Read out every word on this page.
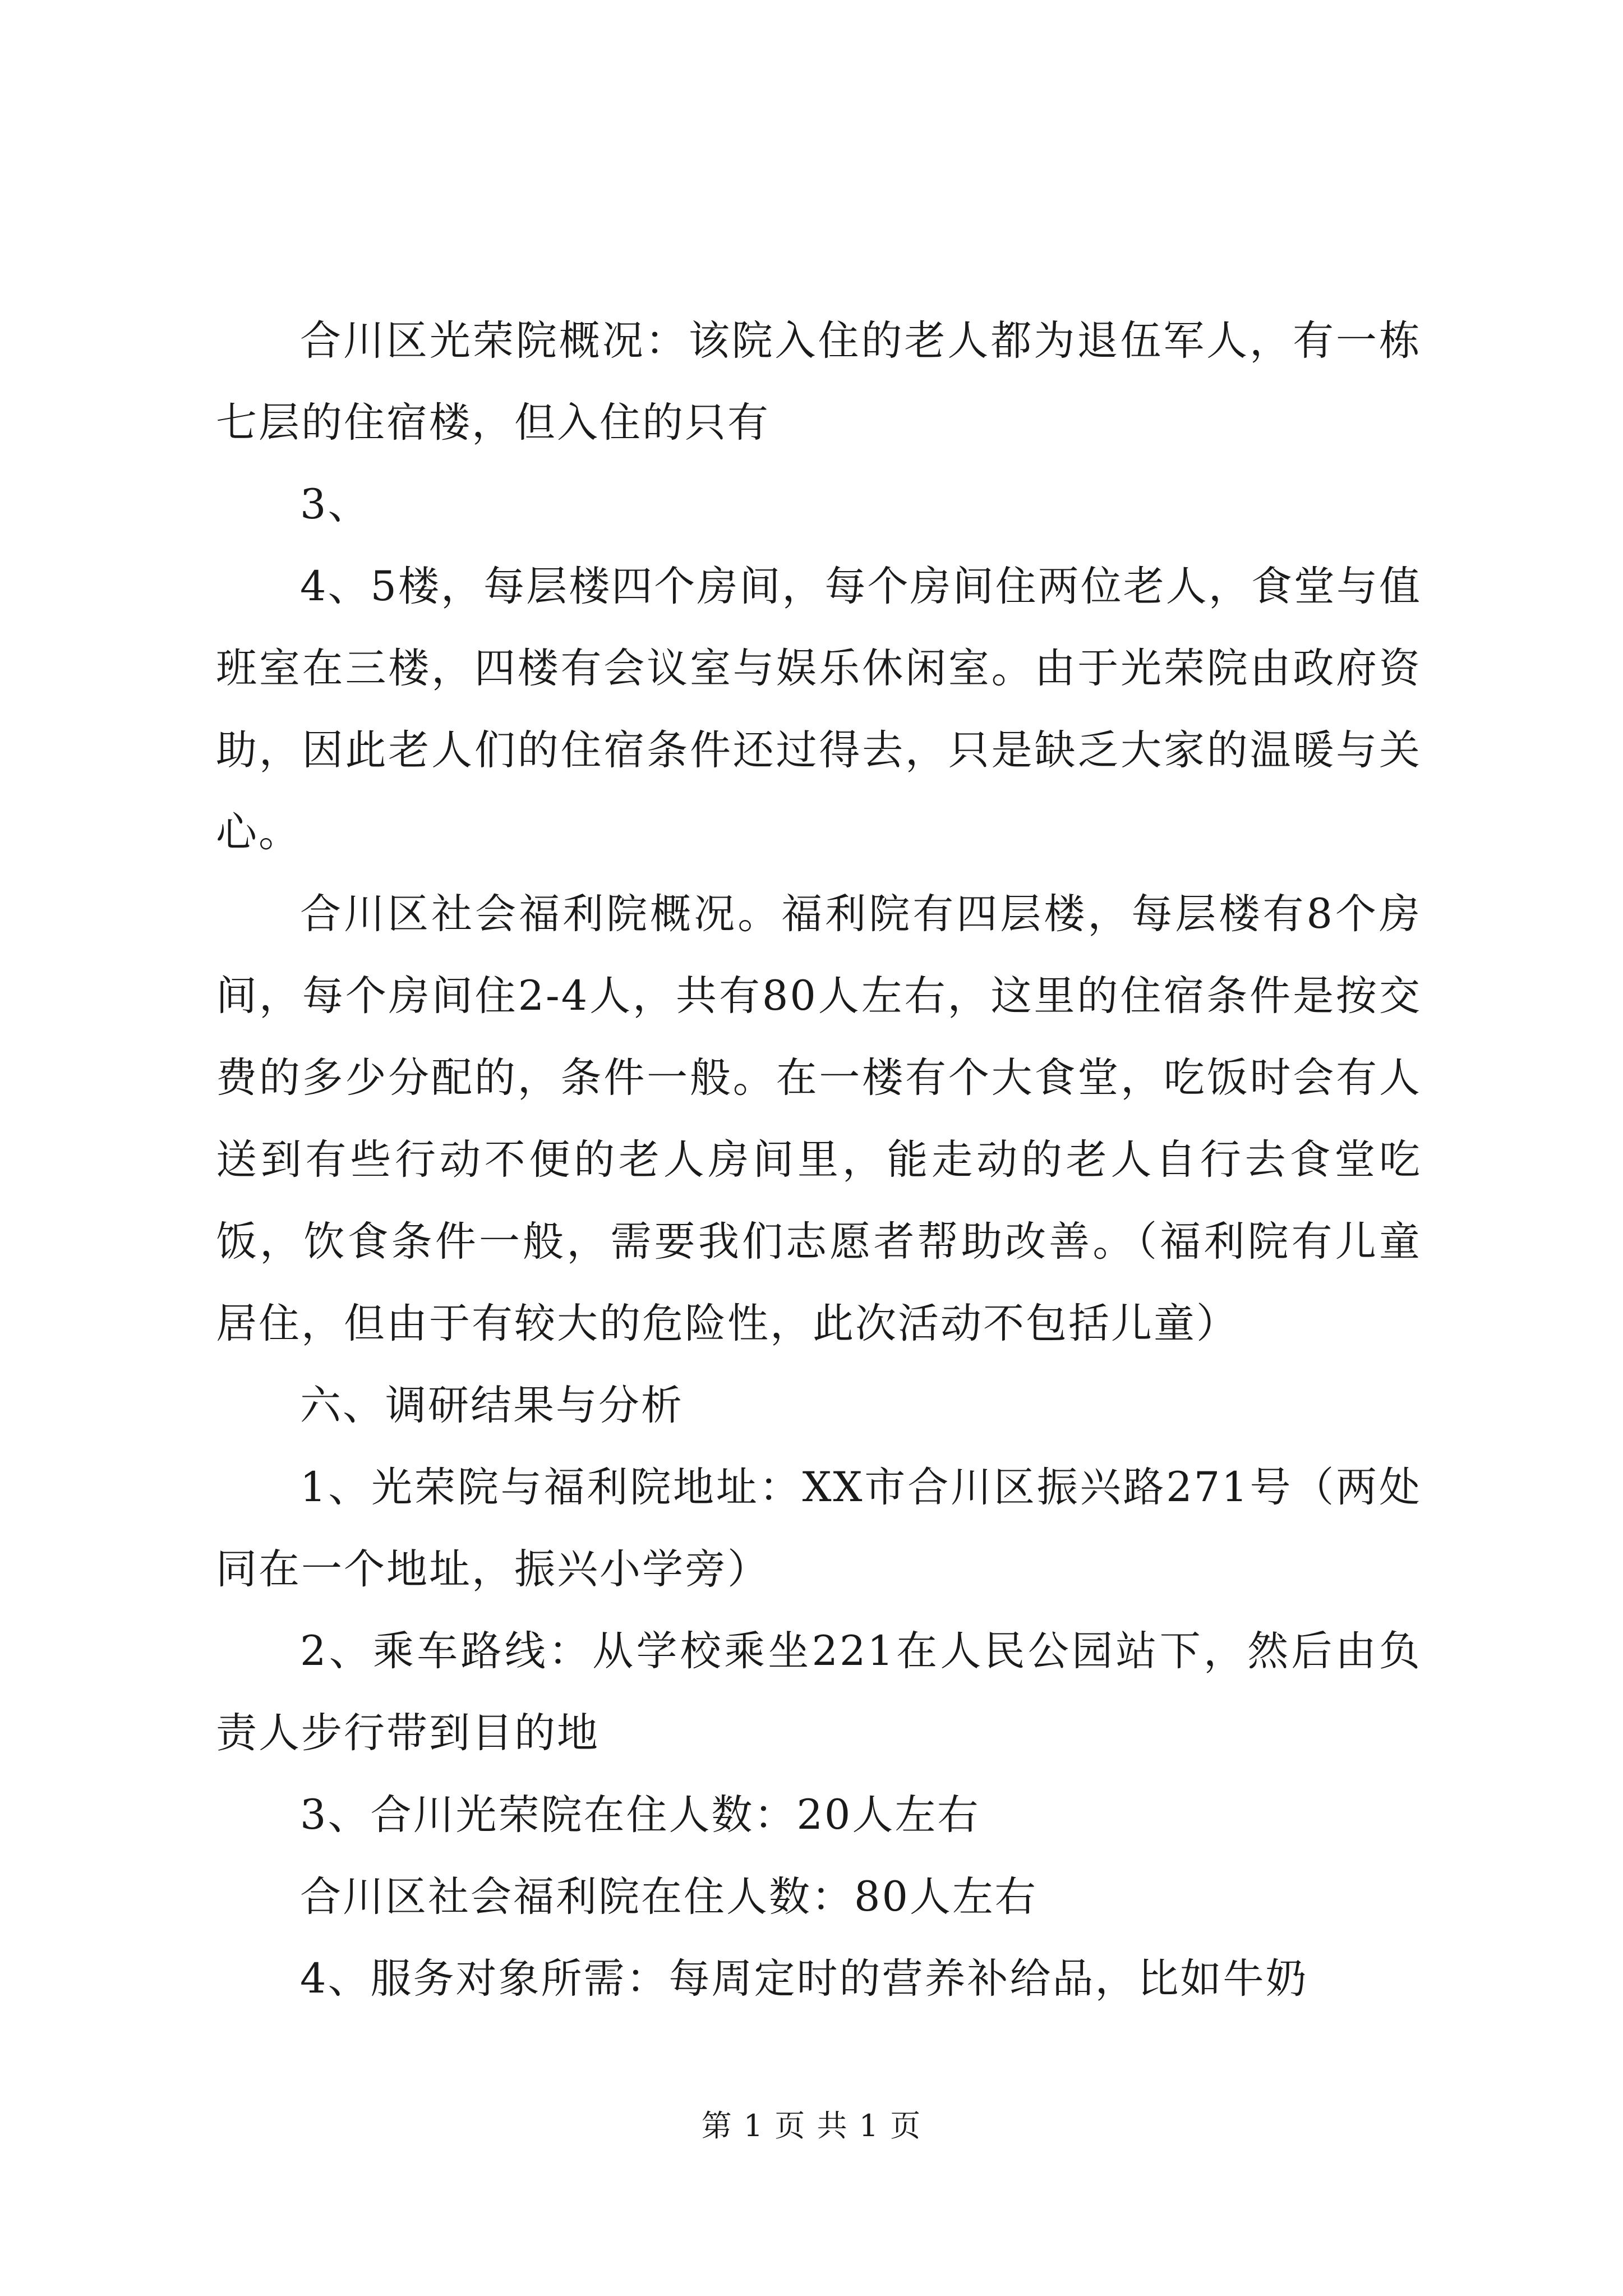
合川区光荣院概况：该院入住的老人都为退伍军人，有一栋七层的住宿楼，但入住的只有

3、

4、5楼，每层楼四个房间，每个房间住两位老人，食堂与值班室在三楼，四楼有会议室与娱乐休闲室。由于光荣院由政府资助，因此老人们的住宿条件还过得去，只是缺乏大家的温暖与关心。

合川区社会福利院概况。福利院有四层楼，每层楼有8个房间，每个房间住2-4人，共有80人左右，这里的住宿条件是按交费的多少分配的，条件一般。在一楼有个大食堂，吃饭时会有人送到有些行动不便的老人房间里，能走动的老人自行去食堂吃饭，饮食条件一般，需要我们志愿者帮助改善。（福利院有儿童居住，但由于有较大的危险性，此次活动不包括儿童）

六、调研结果与分析

1、光荣院与福利院地址：XX市合川区振兴路271号（两处同在一个地址，振兴小学旁）

2、乘车路线：从学校乘坐221在人民公园站下，然后由负责人步行带到目的地

3、合川光荣院在住人数：20人左右

合川区社会福利院在住人数：80人左右

4、服务对象所需：每周定时的营养补给品，比如牛奶

第 1 页 共 1 页
